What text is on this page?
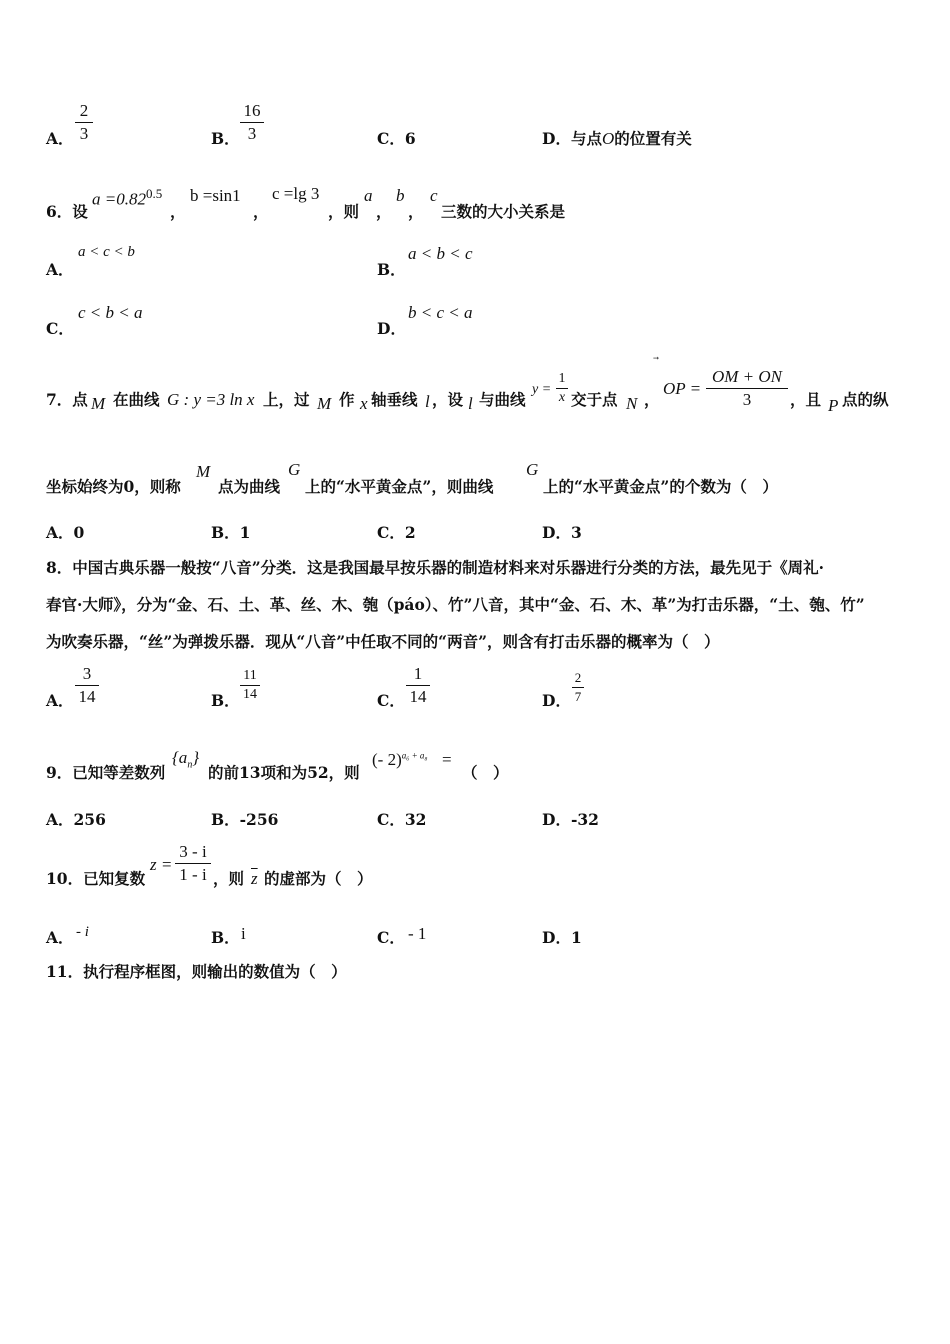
A．
2
3	B．
16
3	C．6	D．与点O的位置有关
6．设
$a =0.82^{0.5}$
，
b =sin1
，
c =lg 3
，则
a
，
b
，
c
三数的大小关系是
A．
a < c < b
B．
a < b < c
C．
c < b < a
D．
b < c < a
7．点 M 在曲线 G : y =3 ln x 上，过 M 作 x 轴垂线 l ，设 l 与曲线
y =
1
x 交于点 N ，
OP =
OM + ON
3	，且 P 点的纵
坐标始终为0，则称
M
点为曲线
G
上的“水平黄金点”，则曲线
G
上的“水平黄金点”的个数为（　）
A．0	B．1	C．2	D．3
8．中国古典乐器一般按“八音”分类．这是我国最早按乐器的制造材料来对乐器进行分类的方法，最先见于《周礼·
春官·大师》，分为“金、石、土、革、丝、木、匏（páo）、竹”八音，其中“金、石、木、革”为打击乐器，“土、匏、竹”
为吹奏乐器，“丝”为弹拨乐器．现从“八音”中任取不同的“两音”，则含有打击乐器的概率为（　）
A．
3
14	B．
11
14	C．
1
14	D．
2
7
9．已知等差数列
$\{a_n\}$
的前13项和为52，则
(- 2)$^{a_6 + a_8}$ =
（　）
A．256	B．-256	C．32	D．-32
10．已知复数
z =
3 - i
1 - i ，则 $\overline{z}$ 的虚部为（　）
A． - i	B． i	C． - 1	D．1
11．执行程序框图，则输出的数值为（　）
